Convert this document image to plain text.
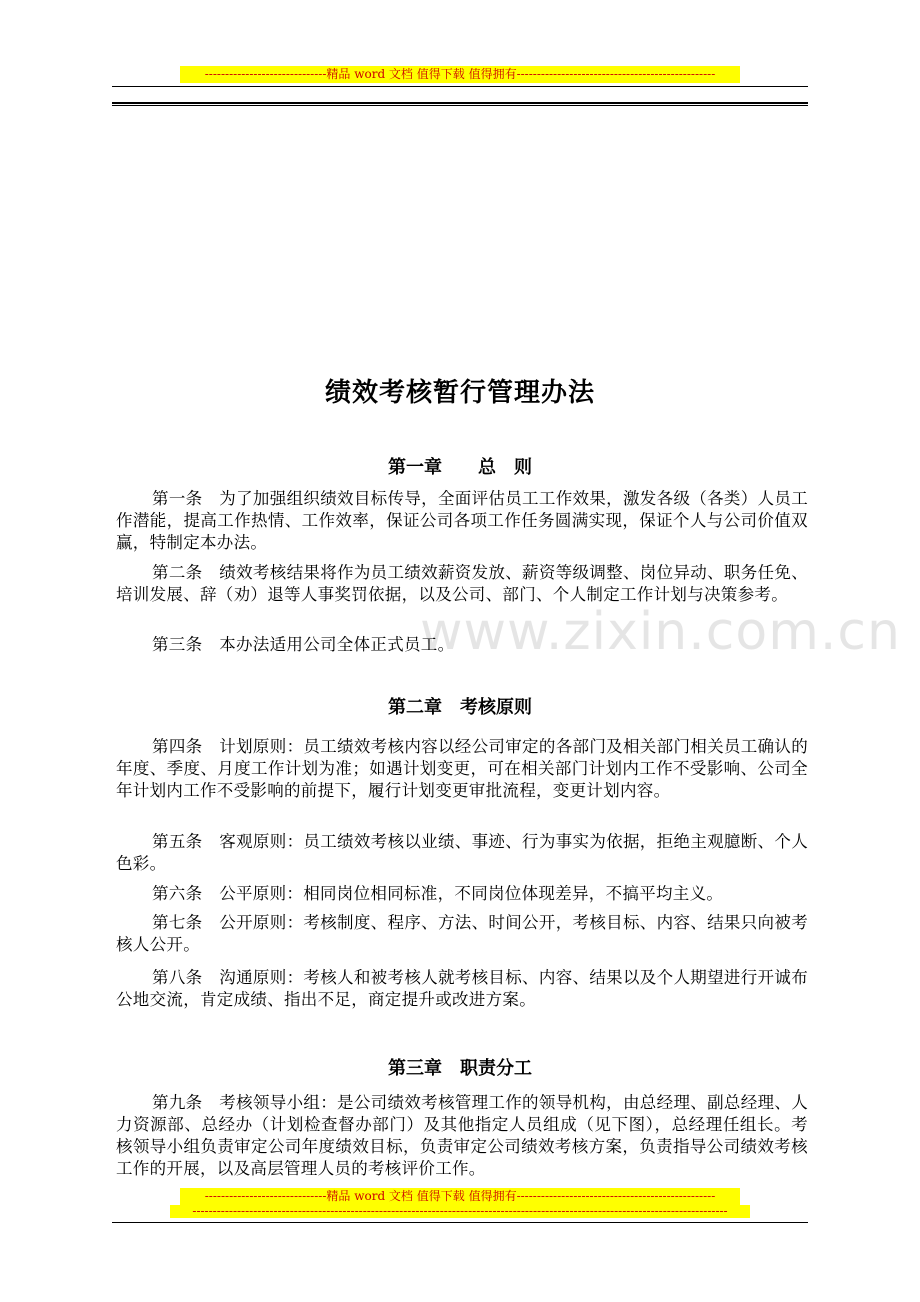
------------------------------精品 word 文档 值得下载 值得拥有-------------------------------------------------
绩效考核暂行管理办法
www.zixin.com.cn
第一章　　总　则
第一条　为了加强组织绩效目标传导，全面评估员工工作效果，激发各级（各类）人员工作潜能，提高工作热情、工作效率，保证公司各项工作任务圆满实现，保证个人与公司价值双赢，特制定本办法。
第二条　绩效考核结果将作为员工绩效薪资发放、薪资等级调整、岗位异动、职务任免、培训发展、辞（劝）退等人事奖罚依据，以及公司、部门、个人制定工作计划与决策参考。
第三条　本办法适用公司全体正式员工。
第二章　考核原则
第四条　计划原则：员工绩效考核内容以经公司审定的各部门及相关部门相关员工确认的年度、季度、月度工作计划为准；如遇计划变更，可在相关部门计划内工作不受影响、公司全年计划内工作不受影响的前提下，履行计划变更审批流程，变更计划内容。
第五条　客观原则：员工绩效考核以业绩、事迹、行为事实为依据，拒绝主观臆断、个人色彩。
第六条　公平原则：相同岗位相同标准，不同岗位体现差异，不搞平均主义。
第七条　公开原则：考核制度、程序、方法、时间公开，考核目标、内容、结果只向被考核人公开。
第八条　沟通原则：考核人和被考核人就考核目标、内容、结果以及个人期望进行开诚布公地交流，肯定成绩、指出不足，商定提升或改进方案。
第三章　职责分工
第九条　考核领导小组：是公司绩效考核管理工作的领导机构，由总经理、副总经理、人力资源部、总经办（计划检查督办部门）及其他指定人员组成（见下图），总经理任组长。考核领导小组负责审定公司年度绩效目标，负责审定公司绩效考核方案，负责指导公司绩效考核工作的开展，以及高层管理人员的考核评价工作。
------------------------------精品 word 文档 值得下载 值得拥有-------------------------------------------------
------------------------------------------------------------------------------------------------------------------------------------
